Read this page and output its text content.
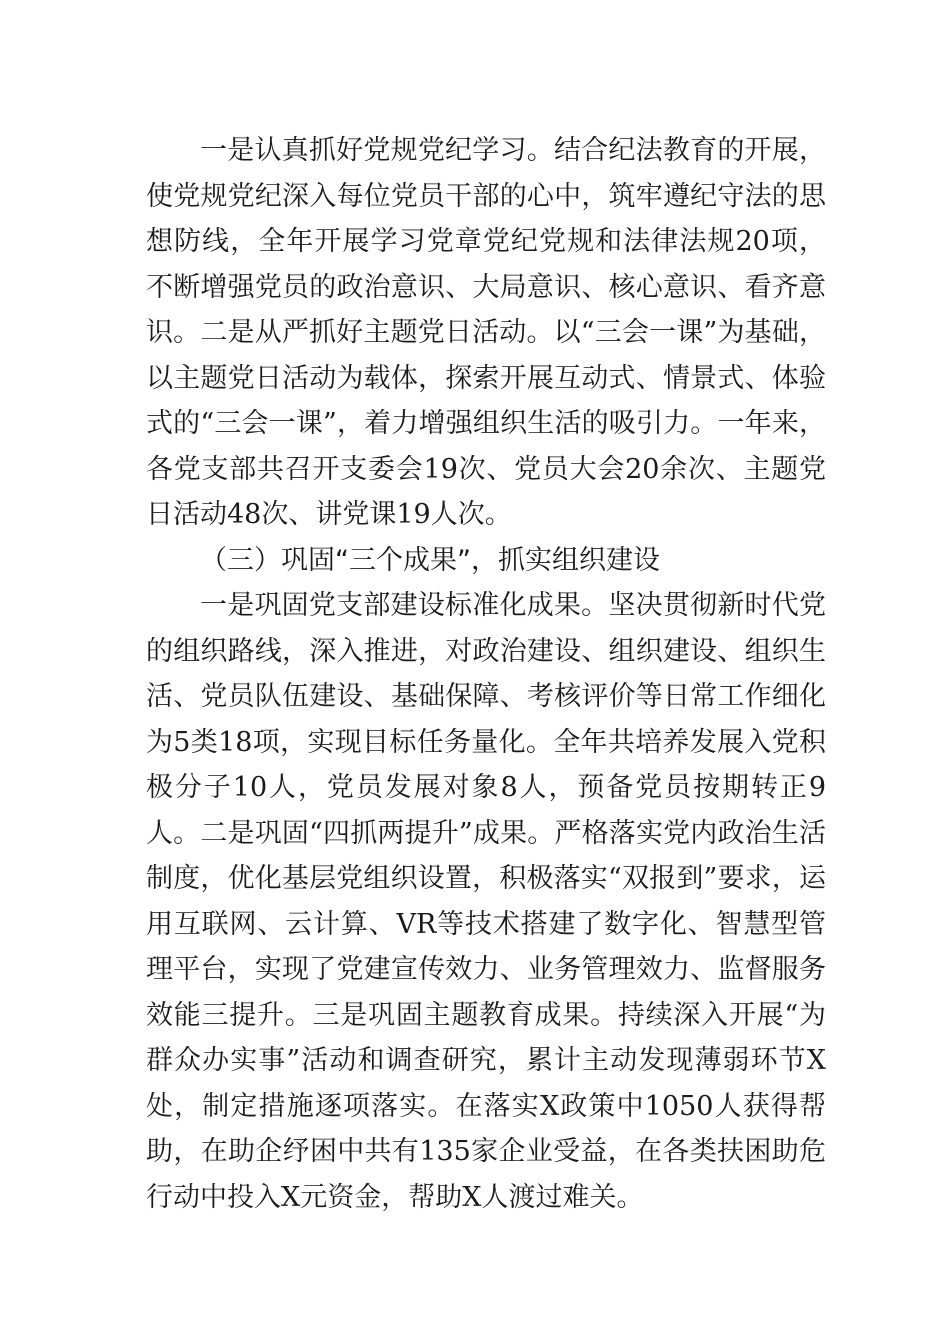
一是认真抓好党规党纪学习。结合纪法教育的开展，使党规党纪深入每位党员干部的心中，筑牢遵纪守法的思想防线，全年开展学习党章党纪党规和法律法规20项，不断增强党员的政治意识、大局意识、核心意识、看齐意识。二是从严抓好主题党日活动。以“三会一课”为基础，以主题党日活动为载体，探索开展互动式、情景式、体验式的“三会一课”，着力增强组织生活的吸引力。一年来，各党支部共召开支委会19次、党员大会20余次、主题党日活动48次、讲党课19人次。

（三）巩固“三个成果”，抓实组织建设

一是巩固党支部建设标准化成果。坚决贯彻新时代党的组织路线，深入推进，对政治建设、组织建设、组织生活、党员队伍建设、基础保障、考核评价等日常工作细化为5类18项，实现目标任务量化。全年共培养发展入党积极分子10人，党员发展对象8人，预备党员按期转正9人。二是巩固“四抓两提升”成果。严格落实党内政治生活制度，优化基层党组织设置，积极落实“双报到”要求，运用互联网、云计算、VR等技术搭建了数字化、智慧型管理平台，实现了党建宣传效力、业务管理效力、监督服务效能三提升。三是巩固主题教育成果。持续深入开展“为群众办实事”活动和调查研究，累计主动发现薄弱环节X处，制定措施逐项落实。在落实X政策中1050人获得帮助，在助企纾困中共有135家企业受益，在各类扶困助危行动中投入X元资金，帮助X人渡过难关。
